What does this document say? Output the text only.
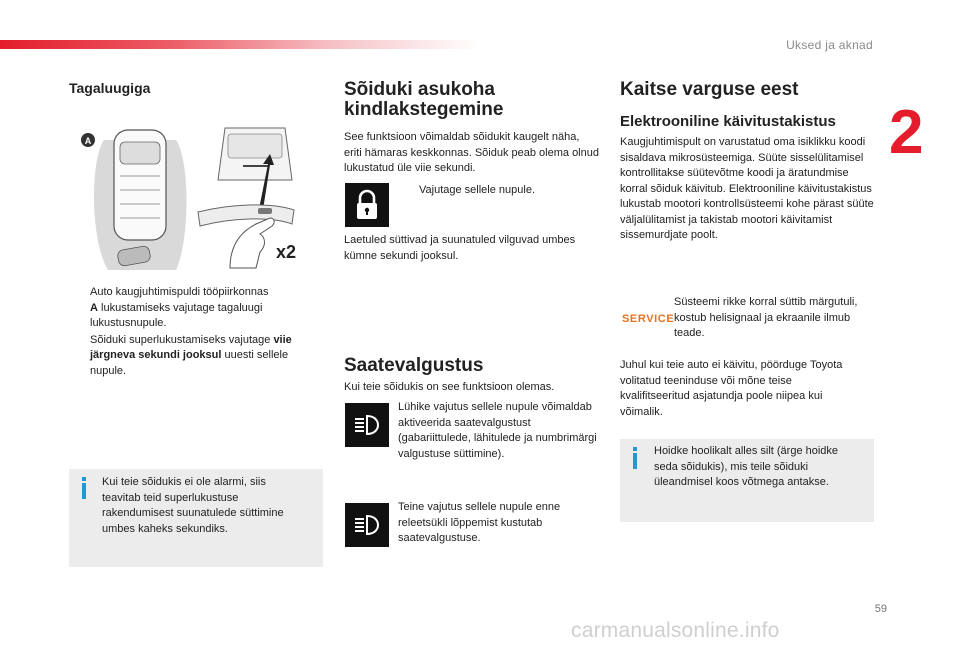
Uksed ja aknad
2
Tagaluugiga
A
x2
Auto kaugjuhtimispuldi tööpiirkonnas
A lukustamiseks vajutage tagaluugi lukustusnupule.
Sõiduki superlukustamiseks vajutage viie järgneva sekundi jooksul uuesti sellele nupule.

Kui teie sõidukis ei ole alarmi, siis teavitab teid superlukustuse rakendumisest suunatulede süttimine umbes kaheks sekundiks.

Sõiduki asukoha
kindlakstegemine

See funktsioon võimaldab sõidukit kaugelt näha, eriti hämaras keskkonnas. Sõiduk peab olema olnud lukustatud üle viie sekundi.

Vajutage sellele nupule.

Laetuled süttivad ja suunatuled vilguvad umbes kümne sekundi jooksul.

Saatevalgustus

Kui teie sõidukis on see funktsioon olemas.

Lühike vajutus sellele nupule võimaldab aktiveerida saatevalgustust (gabariittulede, lähitulede ja numbrimärgi valgustuse süttimine).

Teine vajutus sellele nupule enne releetsükli lõppemist kustutab saatevalgustuse.

Kaitse varguse eest
Elektrooniline käivitustakistus

Kaugjuhtimispult on varustatud oma isiklikku koodi sisaldava mikrosüsteemiga. Süüte sisselülitamisel kontrollitakse süütevõtme koodi ja äratundmise korral sõiduk käivitub. Elektrooniline käivitustakistus lukustab mootori kontrollsüsteemi kohe pärast süüte väljalülitamist ja takistab mootori käivitamist sissemurdjate poolt.

SERVICE

Süsteemi rikke korral süttib märgutuli, kostub helisignaal ja ekraanile ilmub teade.

Juhul kui teie auto ei käivitu, pöörduge Toyota volitatud teeninduse või mõne teise kvalifitseeritud asjatundja poole niipea kui võimalik.

Hoidke hoolikalt alles silt (ärge hoidke seda sõidukis), mis teile sõiduki üleandmisel koos võtmega antakse.

59
carmanualsonline.info
